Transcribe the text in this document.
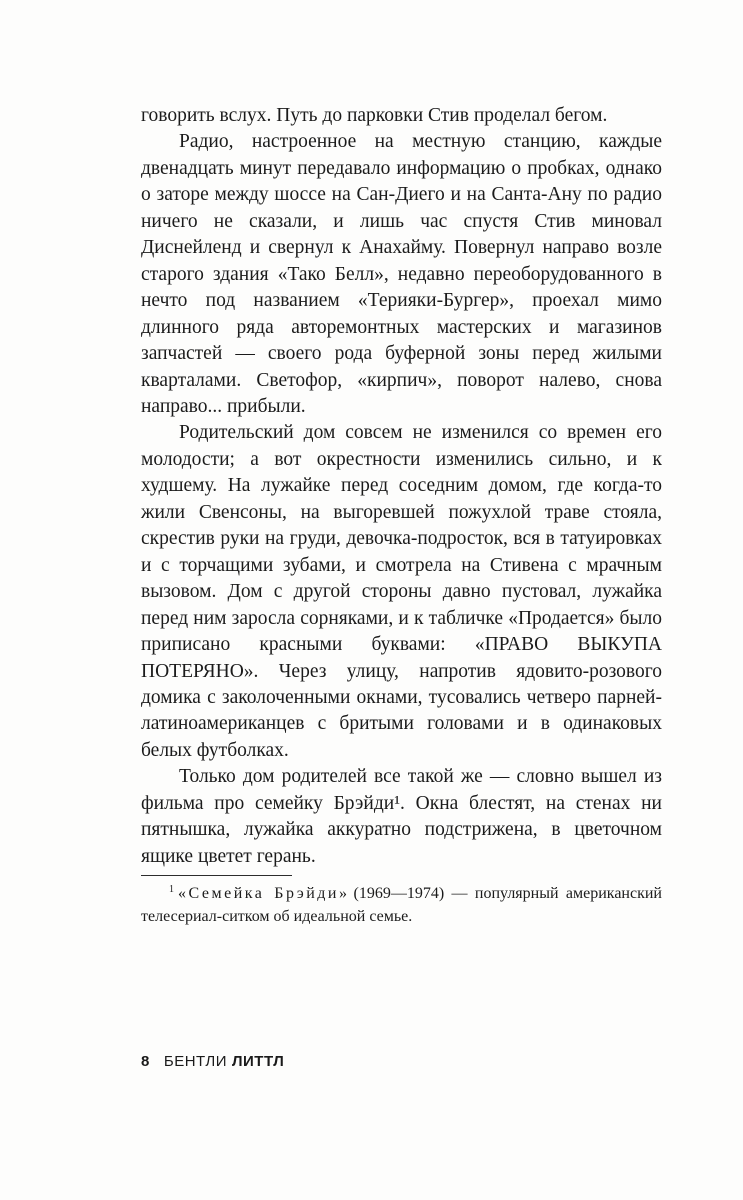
говорить вслух. Путь до парковки Стив проделал бегом.

Радио, настроенное на местную станцию, каждые двенадцать минут передавало информацию о пробках, однако о заторе между шоссе на Сан-Диего и на Санта-Ану по радио ничего не сказали, и лишь час спустя Стив миновал Диснейленд и свернул к Анахайму. Повернул направо возле старого здания «Тако Белл», недавно переоборудованного в нечто под названием «Терияки-Бургер», проехал мимо длинного ряда авторемонтных мастерских и магазинов запчастей — своего рода буферной зоны перед жилыми кварталами. Светофор, «кирпич», поворот налево, снова направо... прибыли.

Родительский дом совсем не изменился со времен его молодости; а вот окрестности изменились сильно, и к худшему. На лужайке перед соседним домом, где когда-то жили Свенсоны, на выгоревшей пожухлой траве стояла, скрестив руки на груди, девочка-подросток, вся в татуировках и с торчащими зубами, и смотрела на Стивена с мрачным вызовом. Дом с другой стороны давно пустовал, лужайка перед ним заросла сорняками, и к табличке «Продается» было приписано красными буквами: «ПРАВО ВЫКУПА ПОТЕРЯНО». Через улицу, напротив ядовито-розового домика с заколоченными окнами, тусовались четверо парней-латиноамериканцев с бритыми головами и в одинаковых белых футболках.

Только дом родителей все такой же — словно вышел из фильма про семейку Брэйди¹. Окна блестят, на стенах ни пятнышка, лужайка аккуратно подстрижена, в цветочном ящике цветет герань.

$^1$ «Семейка Брэйди» (1969—1974) — популярный американский телесериал-ситком об идеальной семье.

8 БЕНТЛИ ЛИТТЛ
